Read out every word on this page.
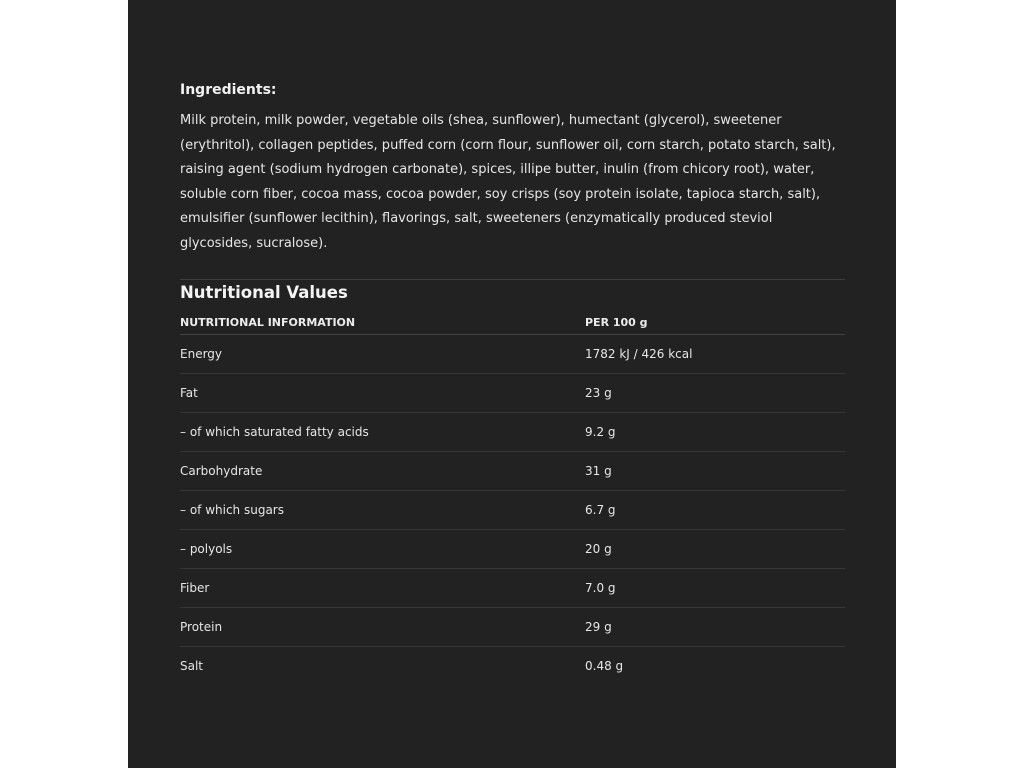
Ingredients:

Milk protein, milk powder, vegetable oils (shea, sunflower), humectant (glycerol), sweetener (erythritol), collagen peptides, puffed corn (corn flour, sunflower oil, corn starch, potato starch, salt), raising agent (sodium hydrogen carbonate), spices, illipe butter, inulin (from chicory root), water, soluble corn fiber, cocoa mass, cocoa powder, soy crisps (soy protein isolate, tapioca starch, salt), emulsifier (sunflower lecithin), flavorings, salt, sweeteners (enzymatically produced steviol glycosides, sucralose).

Nutritional Values
NUTRITIONAL INFORMATION	PER 100 g
Energy	1782 kJ / 426 kcal
Fat	23 g
– of which saturated fatty acids	9.2 g
Carbohydrate	31 g
– of which sugars	6.7 g
– polyols	20 g
Fiber	7.0 g
Protein	29 g
Salt	0.48 g
